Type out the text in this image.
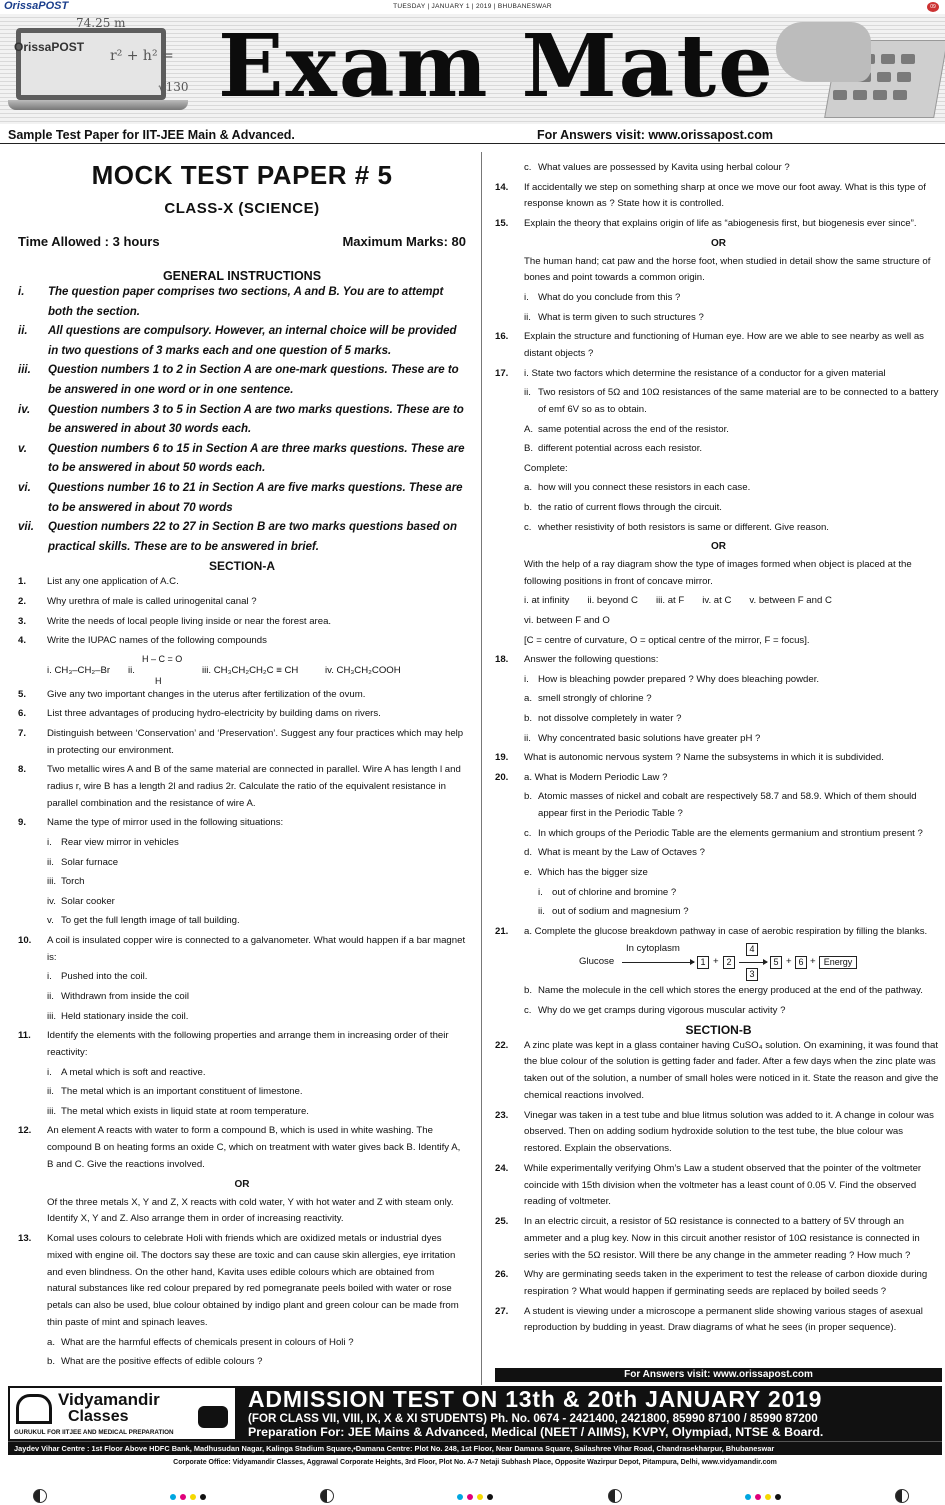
OrissaPOST	TUESDAY | JANUARY 1 | 2019 | BHUBANESWAR	09
OrissaPOST
74.25 m
r² + h² =
√130 Exam Mate
Sample Test Paper for IIT-JEE Main & Advanced.	For Answers visit: www.orissapost.com
MOCK TEST PAPER # 5
CLASS-X (SCIENCE)
Time Allowed : 3 hours	Maximum Marks: 80
GENERAL INSTRUCTIONS
i.	The question paper comprises two sections, A and B. You are to attempt both the section.
ii.	All questions are compulsory. However, an internal choice will be provided in two questions of 3 marks each and one question of 5 marks.
iii.	Question numbers 1 to 2 in Section A are one-mark questions. These are to be answered in one word or in one sentence.
iv.	Question numbers 3 to 5 in Section A are two marks questions. These are to be answered in about 30 words each.
v.	Question numbers 6 to 15 in Section A are three marks questions. These are to be answered in about 50 words each.
vi.	Questions number 16 to 21 in Section A are five marks questions. These are to be answered in about 70 words
vii.	Question numbers 22 to 27 in Section B are two marks questions based on practical skills. These are to be answered in brief.
SECTION-A
1.	List any one application of A.C.
2.	Why urethra of male is called urinogenital canal ?
3.	Write the needs of local people living inside or near the forest area.
4.	Write the IUPAC names of the following compounds
i. CH₃–CH₂–Br ii.
H – C = O
H
iii. CH₃CH₂CH₂C ≡ CH	iv. CH₃CH₂COOH
5.	Give any two important changes in the uterus after fertilization of the ovum.
6.	List three advantages of producing hydro-electricity by building dams on rivers.
7.	Distinguish between ‘Conservation’ and ‘Preservation’. Suggest any four practices which may help in protecting our environment.
8.	Two metallic wires A and B of the same material are connected in parallel. Wire A has length l and radius r, wire B has a length 2l and radius 2r. Calculate the ratio of the equivalent resistance in parallel combination and the resistance of wire A.
9.	Name the type of mirror used in the following situations:
i. Rear view mirror in vehicles
ii. Solar furnace
iii. Torch
iv. Solar cooker
v. To get the full length image of tall building.
10.	A coil is insulated copper wire is connected to a galvanometer. What would happen if a bar magnet is:
i. Pushed into the coil.
ii. Withdrawn from inside the coil
iii. Held stationary inside the coil.
11.	Identify the elements with the following properties and arrange them in increasing order of their reactivity:
i. A metal which is soft and reactive.
ii. The metal which is an important constituent of limestone.
iii. The metal which exists in liquid state at room temperature.
12.	An element A reacts with water to form a compound B, which is used in white washing. The compound B on heating forms an oxide C, which on treatment with water gives back B. Identify A, B and C. Give the reactions involved.
OR
Of the three metals X, Y and Z, X reacts with cold water, Y with hot water and Z with steam only. Identify X, Y and Z. Also arrange them in order of increasing reactivity.
13.	Komal uses colours to celebrate Holi with friends which are oxidized metals or industrial dyes mixed with engine oil. The doctors say these are toxic and can cause skin allergies, eye irritation and even blindness. On the other hand, Kavita uses edible colours which are obtained from natural substances like red colour prepared by red pomegranate peels boiled with water or rose petals can also be used, blue colour obtained by indigo plant and green colour can be made from thin paste of mint and spinach leaves.
a. What are the harmful effects of chemicals present in colours of Holi ?
b. What are the positive effects of edible colours ?
c. What values are possessed by Kavita using herbal colour ?
14.	If accidentally we step on something sharp at once we move our foot away. What is this type of response known as ? State how it is controlled.
15.	Explain the theory that explains origin of life as “abiogenesis first, but biogenesis ever since”.
OR
The human hand; cat paw and the horse foot, when studied in detail show the same structure of bones and point towards a common origin.
i. What do you conclude from this ?
ii. What is term given to such structures ?
16.	Explain the structure and functioning of Human eye. How are we able to see nearby as well as distant objects ?
17.	i. State two factors which determine the resistance of a conductor for a given material
ii. Two resistors of 5Ω and 10Ω resistances of the same material are to be connected to a battery of emf 6V so as to obtain.
A. same potential across the end of the resistor.
B. different potential across each resistor.
Complete:
a. how will you connect these resistors in each case.
b. the ratio of current flows through the circuit.
c. whether resistivity of both resistors is same or different. Give reason.
OR
With the help of a ray diagram show the type of images formed when object is placed at the following positions in front of concave mirror.
i. at infinity ii. beyond C iii. at F iv. at C v. between F and C
vi. between F and O
[C = centre of curvature, O = optical centre of the mirror, F = focus].
18.	Answer the following questions:
i. How is bleaching powder prepared ? Why does bleaching powder.
a. smell strongly of chlorine ?
b. not dissolve completely in water ?
ii. Why concentrated basic solutions have greater pH ?
19.	What is autonomic nervous system ? Name the subsystems in which it is subdivided.
20.	a. What is Modern Periodic Law ?
b. Atomic masses of nickel and cobalt are respectively 58.7 and 58.9. Which of them should appear first in the Periodic Table ?
c. In which groups of the Periodic Table are the elements germanium and strontium present ?
d. What is meant by the Law of Octaves ?
e. Which has the bigger size
i. out of chlorine and bromine ?
ii. out of sodium and magnesium ?
21.	a. Complete the glucose breakdown pathway in case of aerobic respiration by filling the blanks.
Glucose
In cytoplasm
1 + 2
4
3
5 + 6 + Energy
b. Name the molecule in the cell which stores the energy produced at the end of the pathway.
c. Why do we get cramps during vigorous muscular activity ?
SECTION-B
22.	A zinc plate was kept in a glass container having CuSO₄ solution. On examining, it was found that the blue colour of the solution is getting fader and fader. After a few days when the zinc plate was taken out of the solution, a number of small holes were noticed in it. State the reason and give the chemical reactions involved.
23.	Vinegar was taken in a test tube and blue litmus solution was added to it. A change in colour was observed. Then on adding sodium hydroxide solution to the test tube, the blue colour was restored. Explain the observations.
24.	While experimentally verifying Ohm’s Law a student observed that the pointer of the voltmeter coincide with 15th division when the voltmeter has a least count of 0.05 V. Find the observed reading of voltmeter.
25.	In an electric circuit, a resistor of 5Ω resistance is connected to a battery of 5V through an ammeter and a plug key. Now in this circuit another resistor of 10Ω resistance is connected in series with the 5Ω resistor. Will there be any change in the ammeter reading ? How much ?
26.	Why are germinating seeds taken in the experiment to test the release of carbon dioxide during respiration ? What would happen if germinating seeds are replaced by boiled seeds ?
27.	A student is viewing under a microscope a permanent slide showing various stages of asexual reproduction by budding in yeast. Draw diagrams of what he sees (in proper sequence).
For Answers visit: www.orissapost.com
Vidyamandir
Classes
GURUKUL FOR IITJEE AND MEDICAL PREPARATION
ADMISSION TEST ON 13th & 20th JANUARY 2019
(FOR CLASS VII, VIII, IX, X & XI STUDENTS) Ph. No. 0674 - 2421400, 2421800, 85990 87100 / 85990 87200
Preparation For: JEE Mains & Advanced, Medical (NEET / AIIMS), KVPY, Olympiad, NTSE & Board.
Jaydev Vihar Centre : 1st Floor Above HDFC Bank, Madhusudan Nagar, Kalinga Stadium Square,•Damana Centre: Plot No. 248, 1st Floor, Near Damana Square, Sailashree Vihar Road, Chandrasekharpur, Bhubaneswar
Corporate Office: Vidyamandir Classes, Aggrawal Corporate Heights, 3rd Floor, Plot No. A-7 Netaji Subhash Place, Opposite Wazirpur Depot, Pitampura, Delhi, www.vidyamandir.com
